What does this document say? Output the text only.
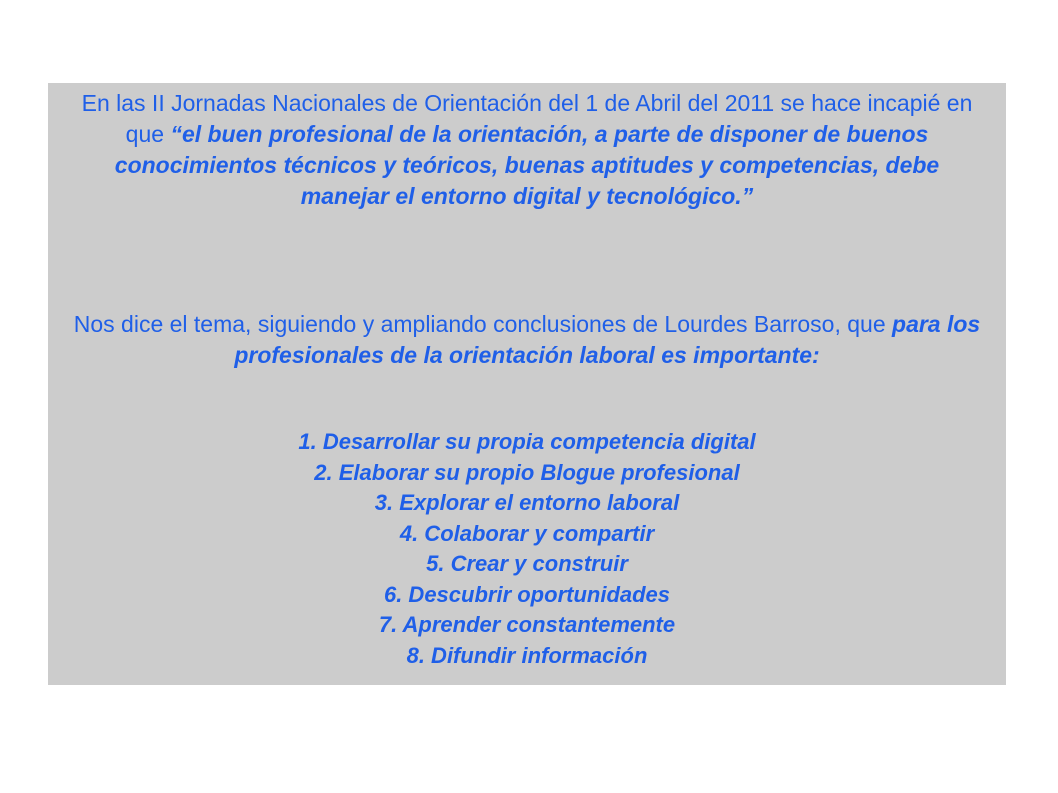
En las II Jornadas Nacionales de Orientación del 1 de Abril del 2011 se hace incapié en que “el buen profesional de la orientación, a parte de disponer de buenos conocimientos técnicos y teóricos, buenas aptitudes y competencias, debe manejar el entorno digital y tecnológico.”

Nos dice el tema, siguiendo y ampliando conclusiones de Lourdes Barroso, que para los profesionales de la orientación laboral es importante:

1. Desarrollar su propia competencia digital
2. Elaborar su propio Blogue profesional
3. Explorar el entorno laboral
4. Colaborar y compartir
5. Crear y construir
6. Descubrir oportunidades
7. Aprender constantemente
8. Difundir información
